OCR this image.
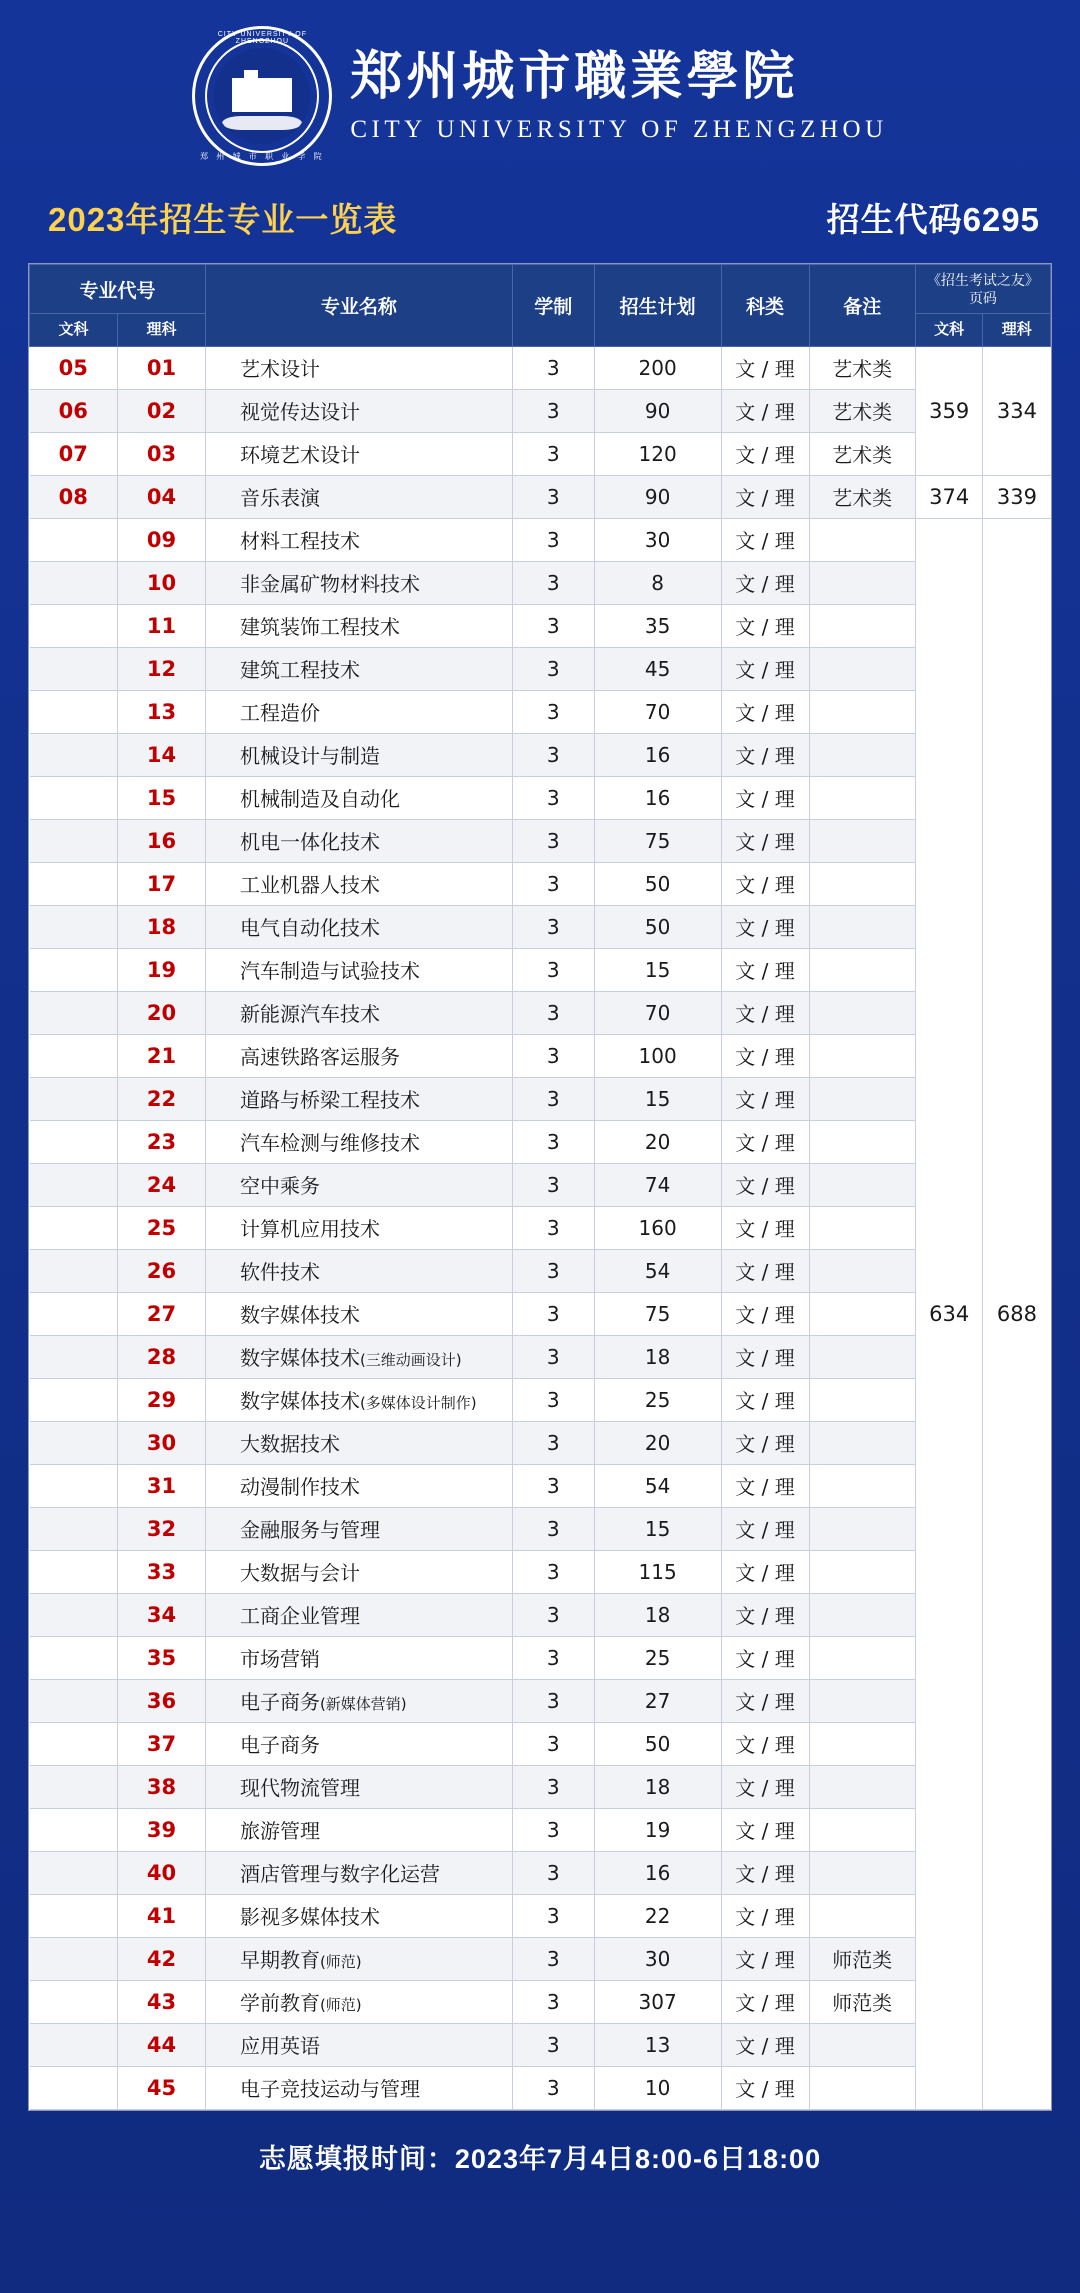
CITY UNIVERSITY OF ZHENGZHOU
郑 州 城 市 职 业 学 院
郑州城市職業學院
CITY UNIVERSITY OF ZHENGZHOU
2023年招生专业一览表	招生代码6295
专业代号		专业名称	学制	招生计划	科类	备注	《招生考试之友》
页码	

文科	理科						文科	理科
05	01	艺术设计	3	200	文 / 理	艺术类	359	334
06	02	视觉传达设计	3	90	文 / 理	艺术类		
07	03	环境艺术设计	3	120	文 / 理	艺术类		
08	04	音乐表演	3	90	文 / 理	艺术类	374	339
	09	材料工程技术	3	30	文 / 理		634	688
	10	非金属矿物材料技术	3	8	文 / 理			
	11	建筑装饰工程技术	3	35	文 / 理			
	12	建筑工程技术	3	45	文 / 理			
	13	工程造价	3	70	文 / 理			
	14	机械设计与制造	3	16	文 / 理			
	15	机械制造及自动化	3	16	文 / 理			
	16	机电一体化技术	3	75	文 / 理			
	17	工业机器人技术	3	50	文 / 理			
	18	电气自动化技术	3	50	文 / 理			
	19	汽车制造与试验技术	3	15	文 / 理			
	20	新能源汽车技术	3	70	文 / 理			
	21	高速铁路客运服务	3	100	文 / 理			
	22	道路与桥梁工程技术	3	15	文 / 理			
	23	汽车检测与维修技术	3	20	文 / 理			
	24	空中乘务	3	74	文 / 理			
	25	计算机应用技术	3	160	文 / 理			
	26	软件技术	3	54	文 / 理			
	27	数字媒体技术	3	75	文 / 理			
	28	数字媒体技术(三维动画设计)	3	18	文 / 理			
	29	数字媒体技术(多媒体设计制作)	3	25	文 / 理			
	30	大数据技术	3	20	文 / 理			
	31	动漫制作技术	3	54	文 / 理			
	32	金融服务与管理	3	15	文 / 理			
	33	大数据与会计	3	115	文 / 理			
	34	工商企业管理	3	18	文 / 理			
	35	市场营销	3	25	文 / 理			
	36	电子商务(新媒体营销)	3	27	文 / 理			
	37	电子商务	3	50	文 / 理			
	38	现代物流管理	3	18	文 / 理			
	39	旅游管理	3	19	文 / 理			
	40	酒店管理与数字化运营	3	16	文 / 理			
	41	影视多媒体技术	3	22	文 / 理			
	42	早期教育(师范)	3	30	文 / 理	师范类		
	43	学前教育(师范)	3	307	文 / 理	师范类		
	44	应用英语	3	13	文 / 理			
	45	电子竞技运动与管理	3	10	文 / 理			
志愿填报时间：2023年7月4日8:00-6日18:00
